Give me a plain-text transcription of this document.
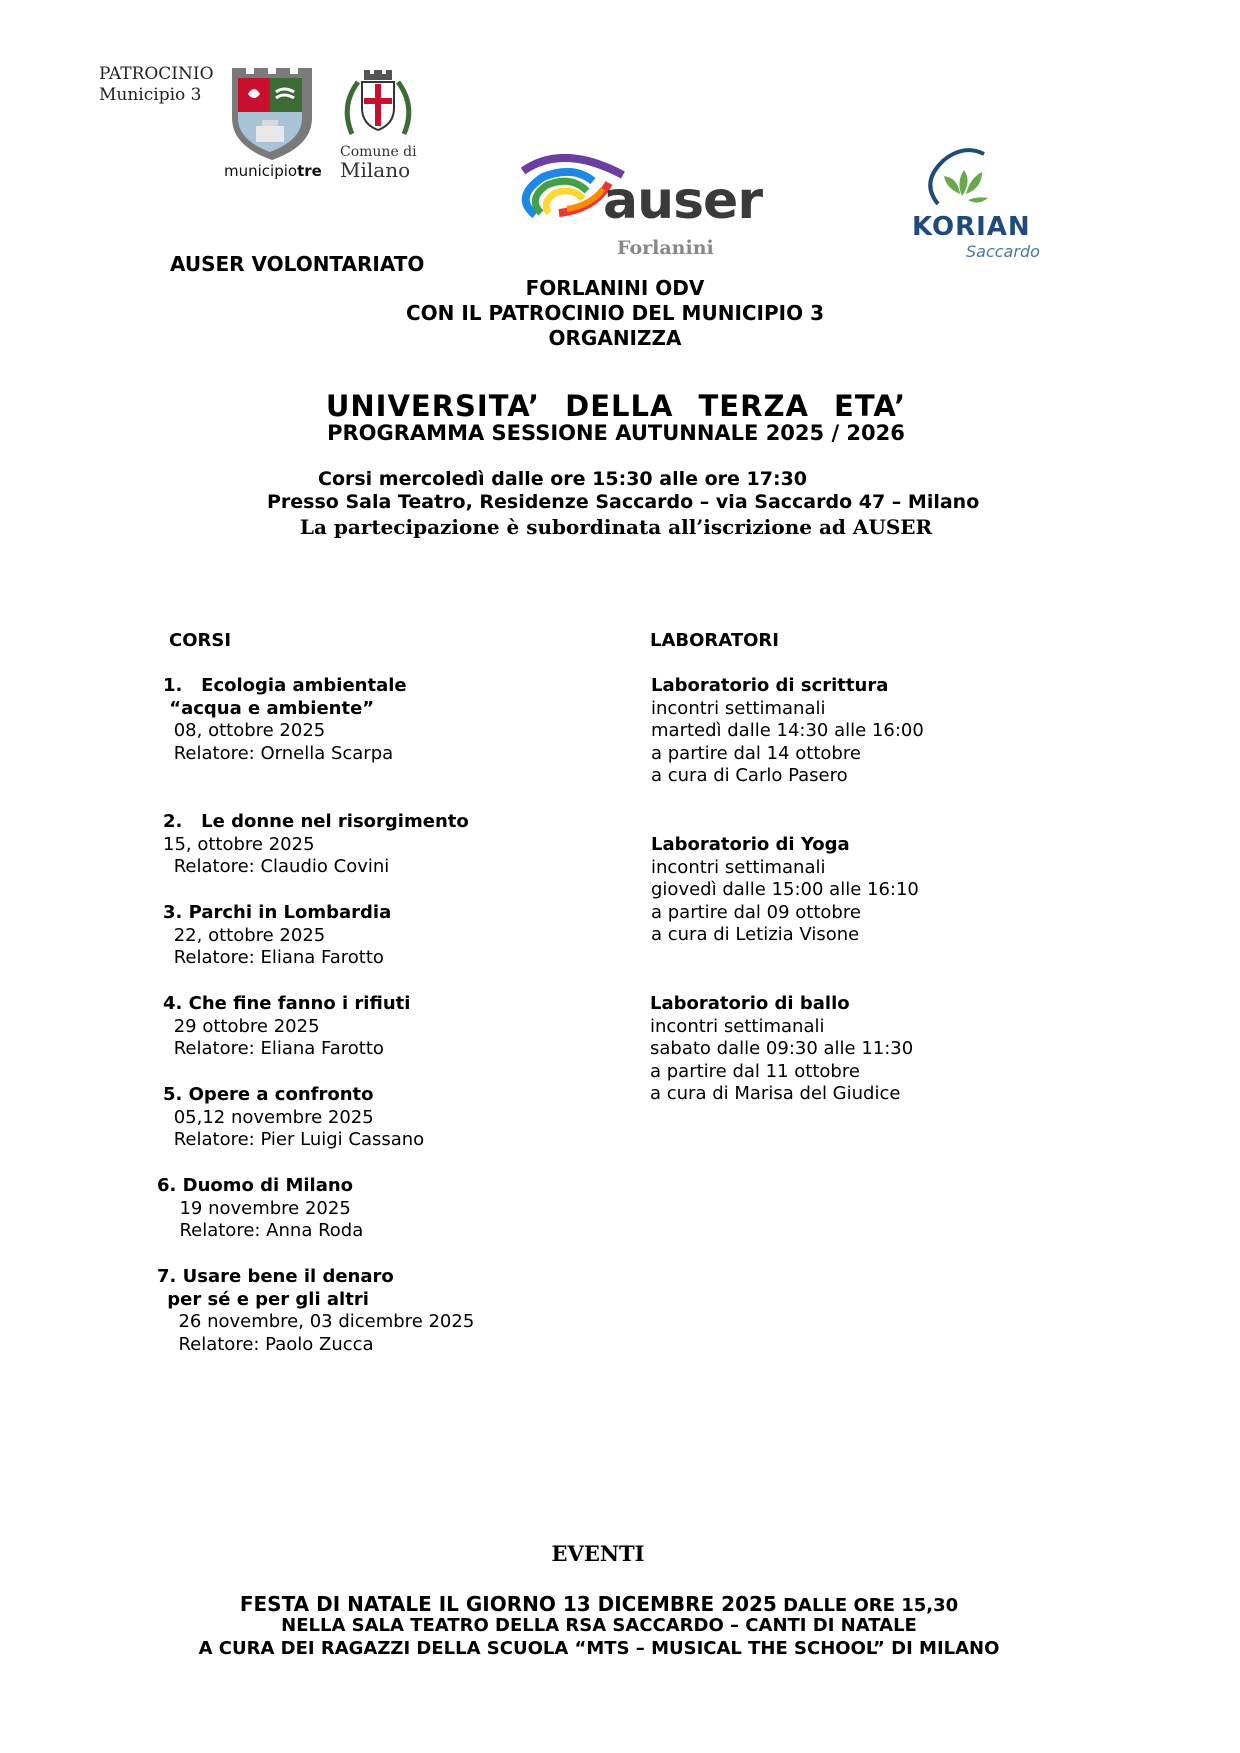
PATROCINIO
Municipio 3
municipiotre
Comune di
Milano
auser
Forlanini
KORIAN
Saccardo
AUSER VOLONTARIATO
FORLANINI ODV
CON IL PATROCINIO DEL MUNICIPIO 3
ORGANIZZA
UNIVERSITA’ DELLA TERZA ETA’
PROGRAMMA SESSIONE AUTUNNALE 2025 / 2026
Corsi mercoledì dalle ore 15:30 alle ore 17:30
Presso Sala Teatro, Residenze Saccardo – via Saccardo 47 – Milano
La partecipazione è subordinata all’iscrizione ad AUSER
CORSI
1.   Ecologia ambientale
“acqua e ambiente”
08, ottobre 2025
Relatore: Ornella Scarpa
2.   Le donne nel risorgimento
15, ottobre 2025
Relatore: Claudio Covini
3. Parchi in Lombardia
22, ottobre 2025
Relatore: Eliana Farotto
4. Che fine fanno i rifiuti
29 ottobre 2025
Relatore: Eliana Farotto
5. Opere a confronto
05,12 novembre 2025
Relatore: Pier Luigi Cassano
6. Duomo di Milano
19 novembre 2025
Relatore: Anna Roda
7. Usare bene il denaro
per sé e per gli altri
26 novembre, 03 dicembre 2025
Relatore: Paolo Zucca
LABORATORI
Laboratorio di scrittura
incontri settimanali
martedì dalle 14:30 alle 16:00
a partire dal 14 ottobre
a cura di Carlo Pasero
Laboratorio di Yoga
incontri settimanali
giovedì dalle 15:00 alle 16:10
a partire dal 09 ottobre
a cura di Letizia Visone
Laboratorio di ballo
incontri settimanali
sabato dalle 09:30 alle 11:30
a partire dal 11 ottobre
a cura di Marisa del Giudice
EVENTI
FESTA DI NATALE IL GIORNO 13 DICEMBRE 2025 DALLE ORE 15,30
NELLA SALA TEATRO DELLA RSA SACCARDO – CANTI DI NATALE
A CURA DEI RAGAZZI DELLA SCUOLA “MTS – MUSICAL THE SCHOOL” DI MILANO
